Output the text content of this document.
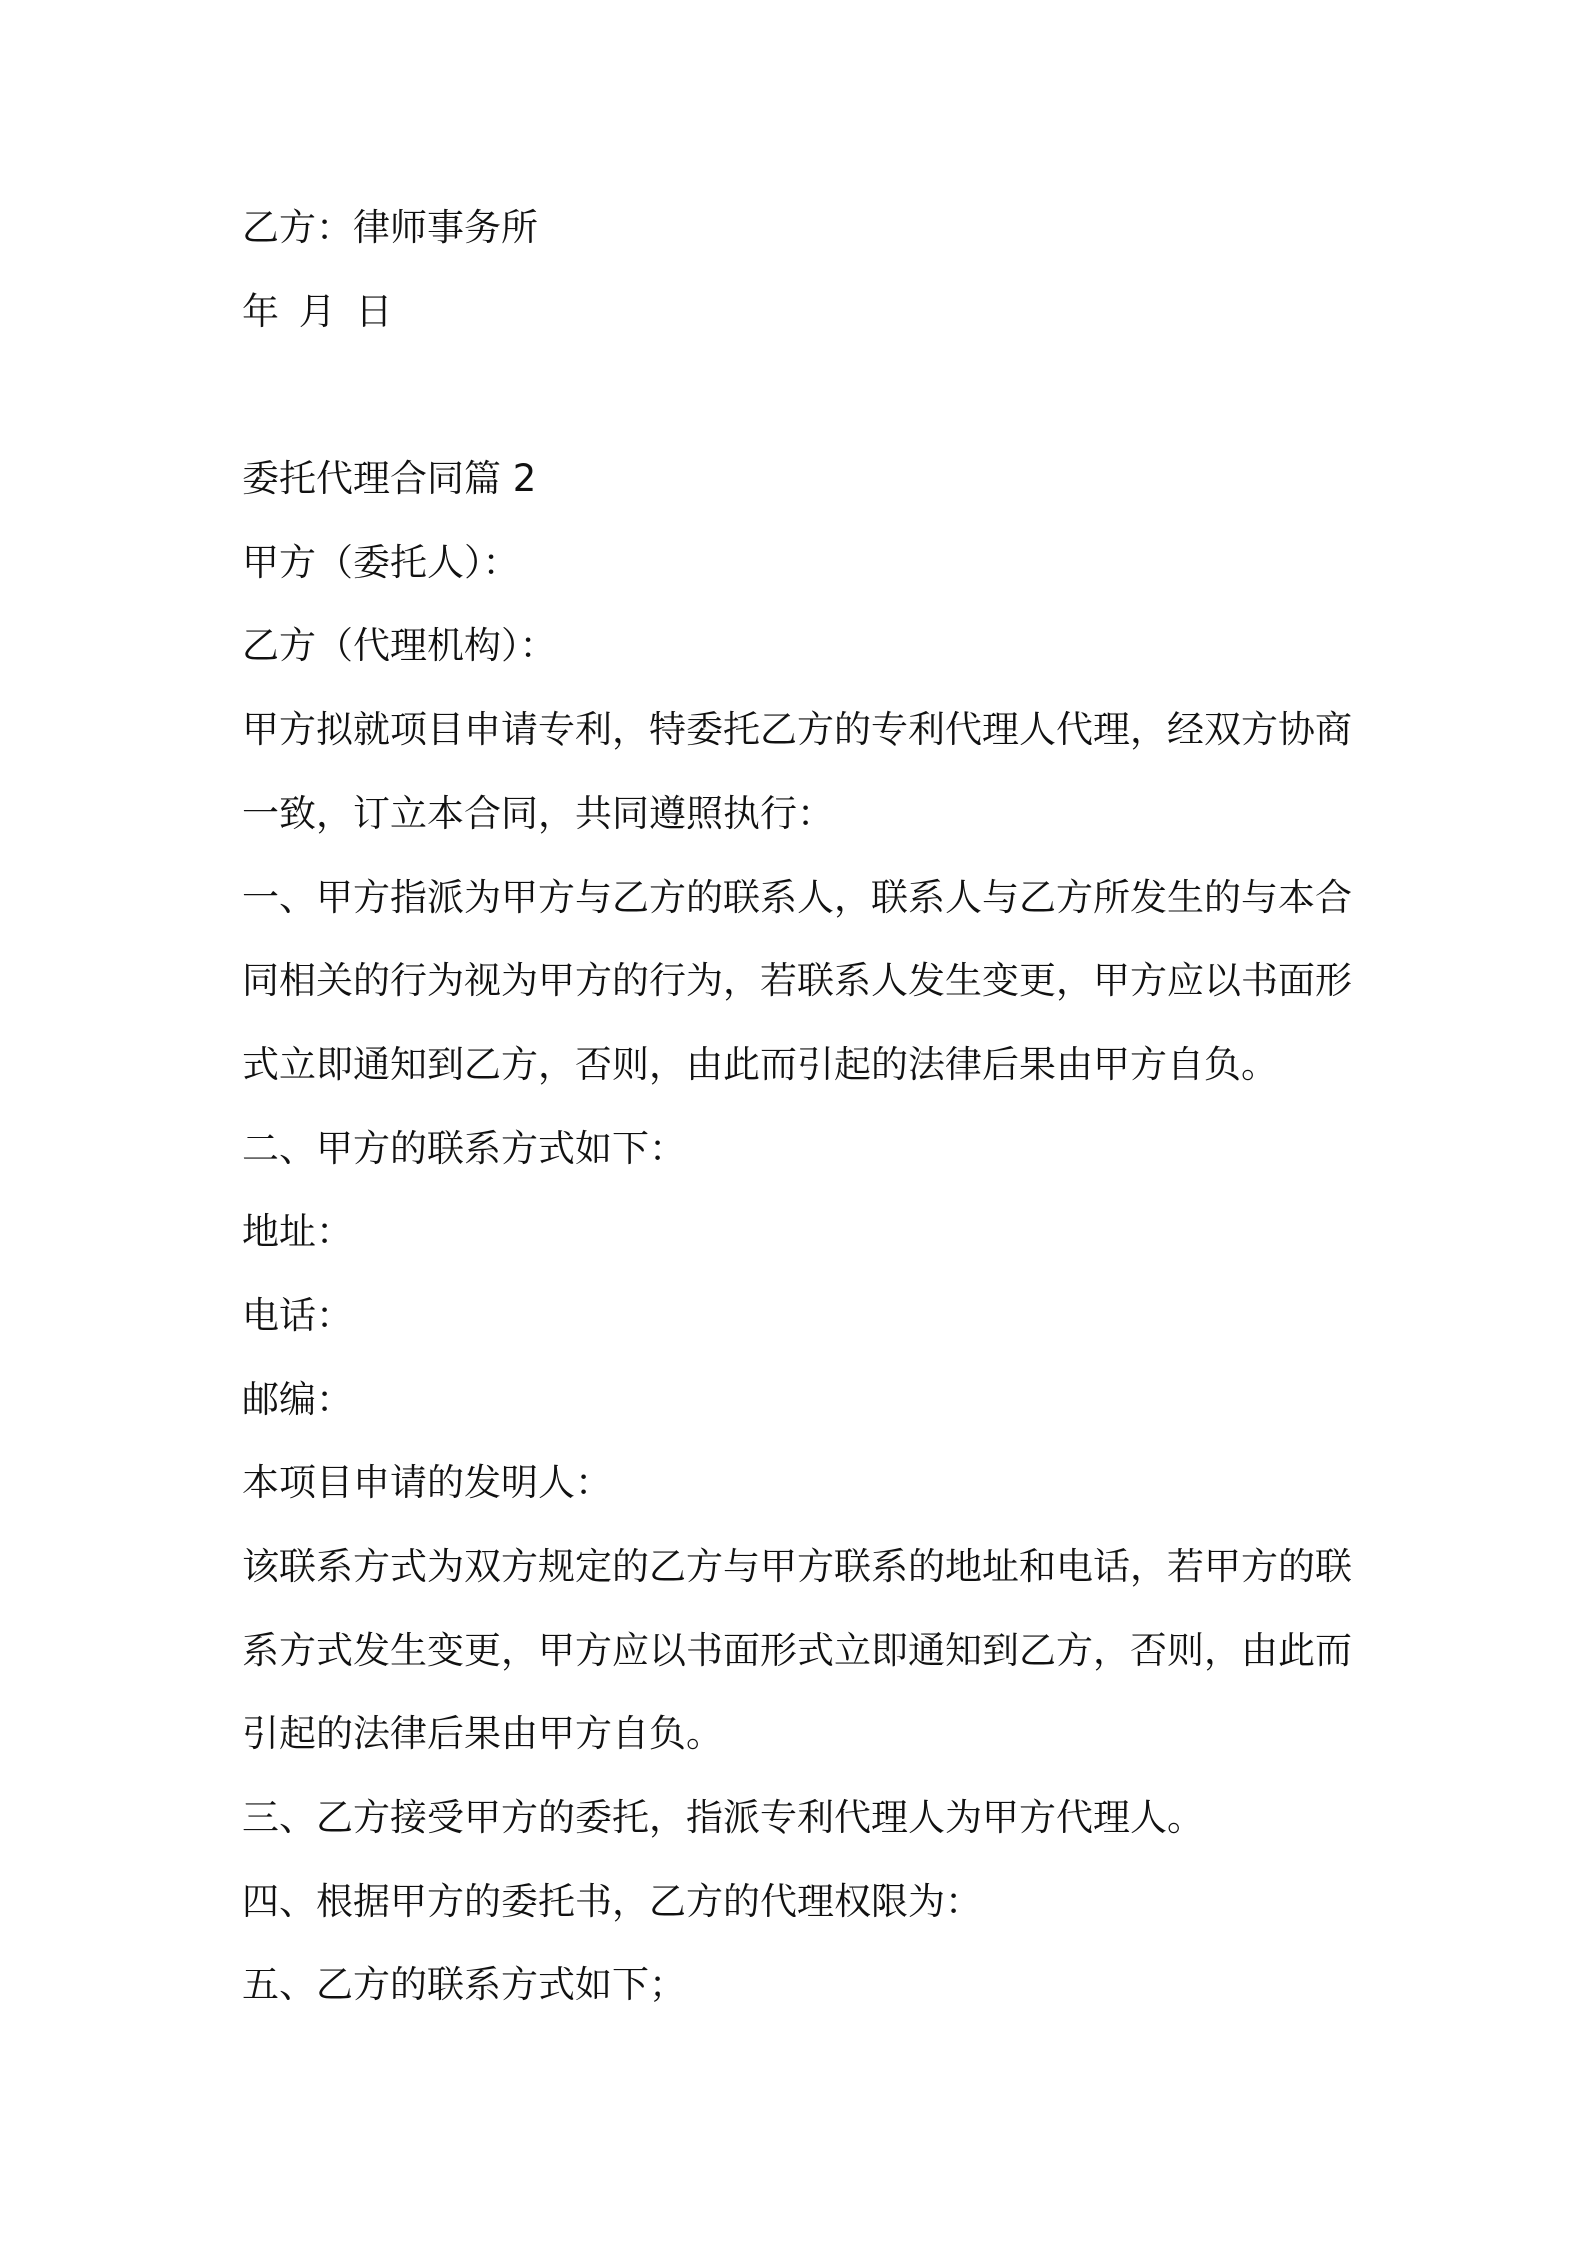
乙方：律师事务所
年 月 日
委托代理合同篇 2
甲方（委托人）：
乙方（代理机构）：
甲方拟就项目申请专利，特委托乙方的专利代理人代理，经双方协商
一致，订立本合同，共同遵照执行：
一、甲方指派为甲方与乙方的联系人，联系人与乙方所发生的与本合
同相关的行为视为甲方的行为，若联系人发生变更，甲方应以书面形
式立即通知到乙方，否则，由此而引起的法律后果由甲方自负。
二、甲方的联系方式如下：
地址：
电话：
邮编：
本项目申请的发明人：
该联系方式为双方规定的乙方与甲方联系的地址和电话，若甲方的联
系方式发生变更，甲方应以书面形式立即通知到乙方，否则，由此而
引起的法律后果由甲方自负。
三、乙方接受甲方的委托，指派专利代理人为甲方代理人。
四、根据甲方的委托书，乙方的代理权限为：
五、乙方的联系方式如下；
